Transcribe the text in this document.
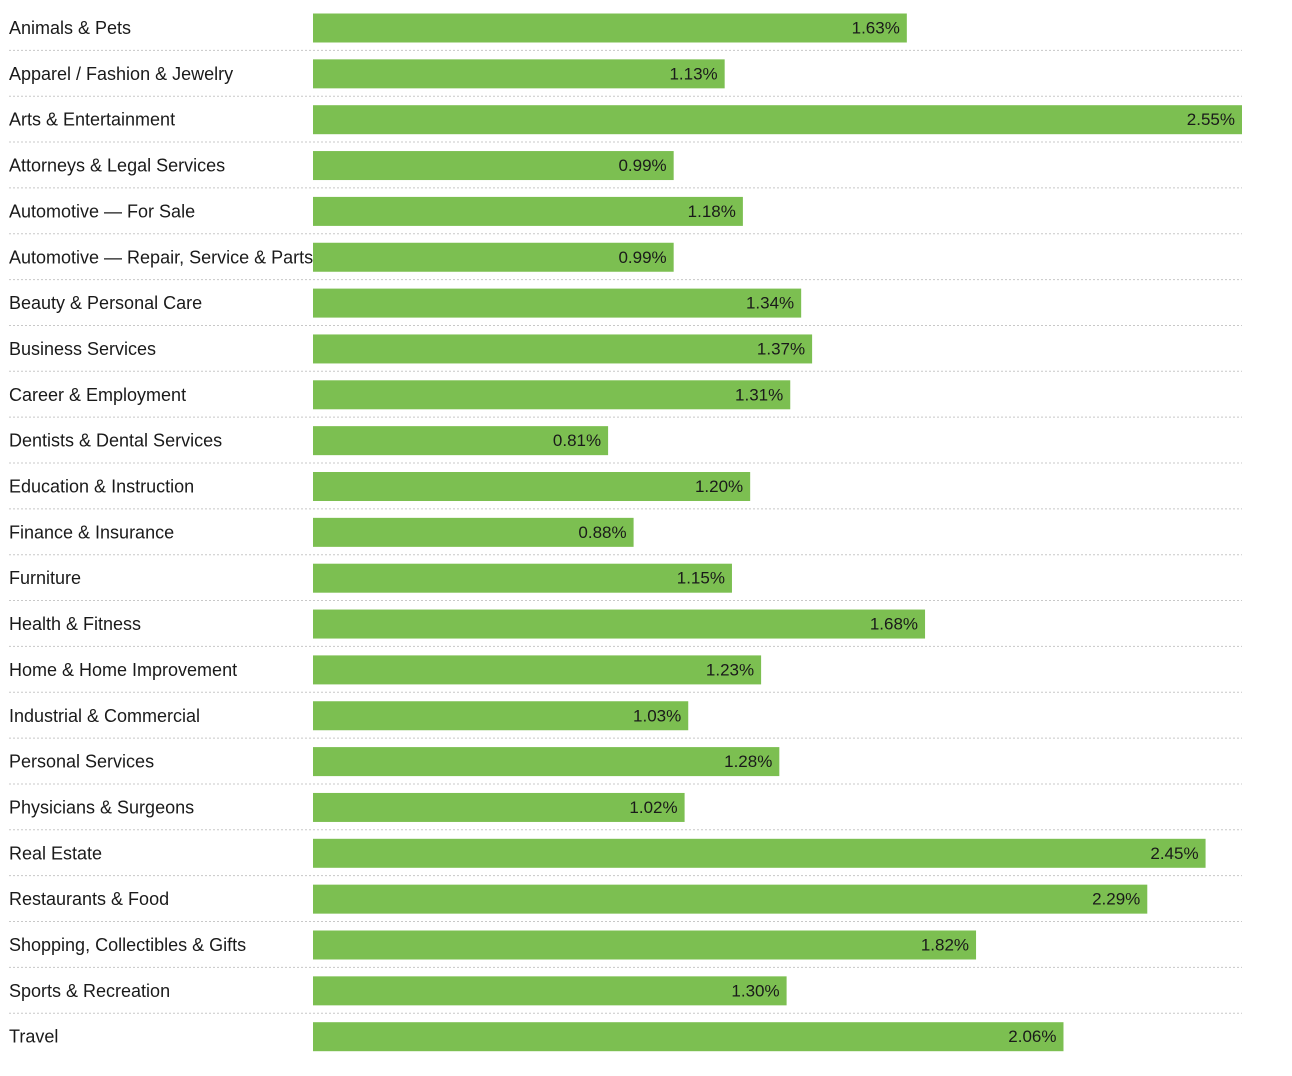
Animals & Pets	1.63%
Apparel / Fashion & Jewelry	1.13%
Arts & Entertainment	2.55%
Attorneys & Legal Services	0.99%
Automotive — For Sale	1.18%
Automotive — Repair, Service & Parts	0.99%
Beauty & Personal Care	1.34%
Business Services	1.37%
Career & Employment	1.31%
Dentists & Dental Services	0.81%
Education & Instruction	1.20%
Finance & Insurance	0.88%
Furniture	1.15%
Health & Fitness	1.68%
Home & Home Improvement	1.23%
Industrial & Commercial	1.03%
Personal Services	1.28%
Physicians & Surgeons	1.02%
Real Estate	2.45%
Restaurants & Food	2.29%
Shopping, Collectibles & Gifts	1.82%
Sports & Recreation	1.30%
Travel	2.06%
